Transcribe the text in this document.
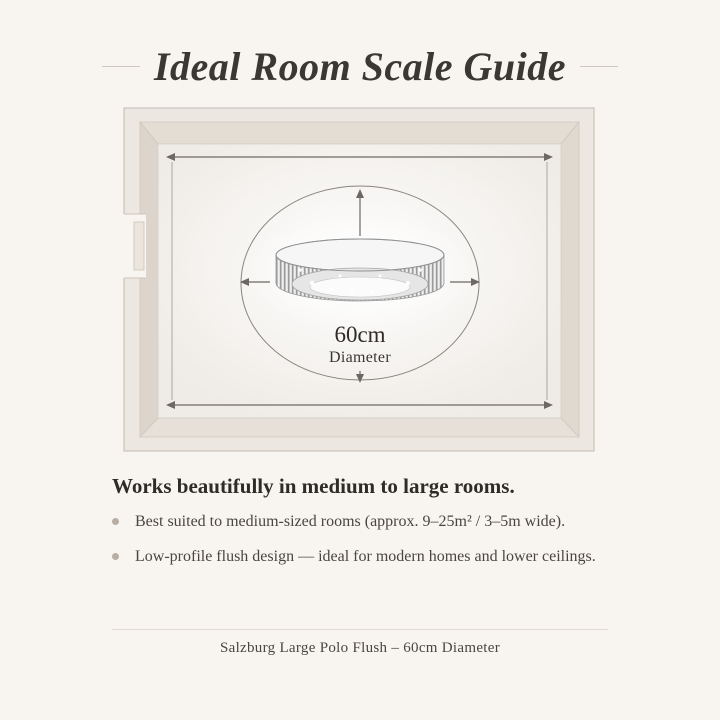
Ideal Room Scale Guide
60cm
Diameter
Works beautifully in medium to large rooms.
Best suited to medium-sized rooms (approx. 9–25m² / 3–5m wide).
Low-profile flush design — ideal for modern homes and lower ceilings.
Salzburg Large Polo Flush – 60cm Diameter
